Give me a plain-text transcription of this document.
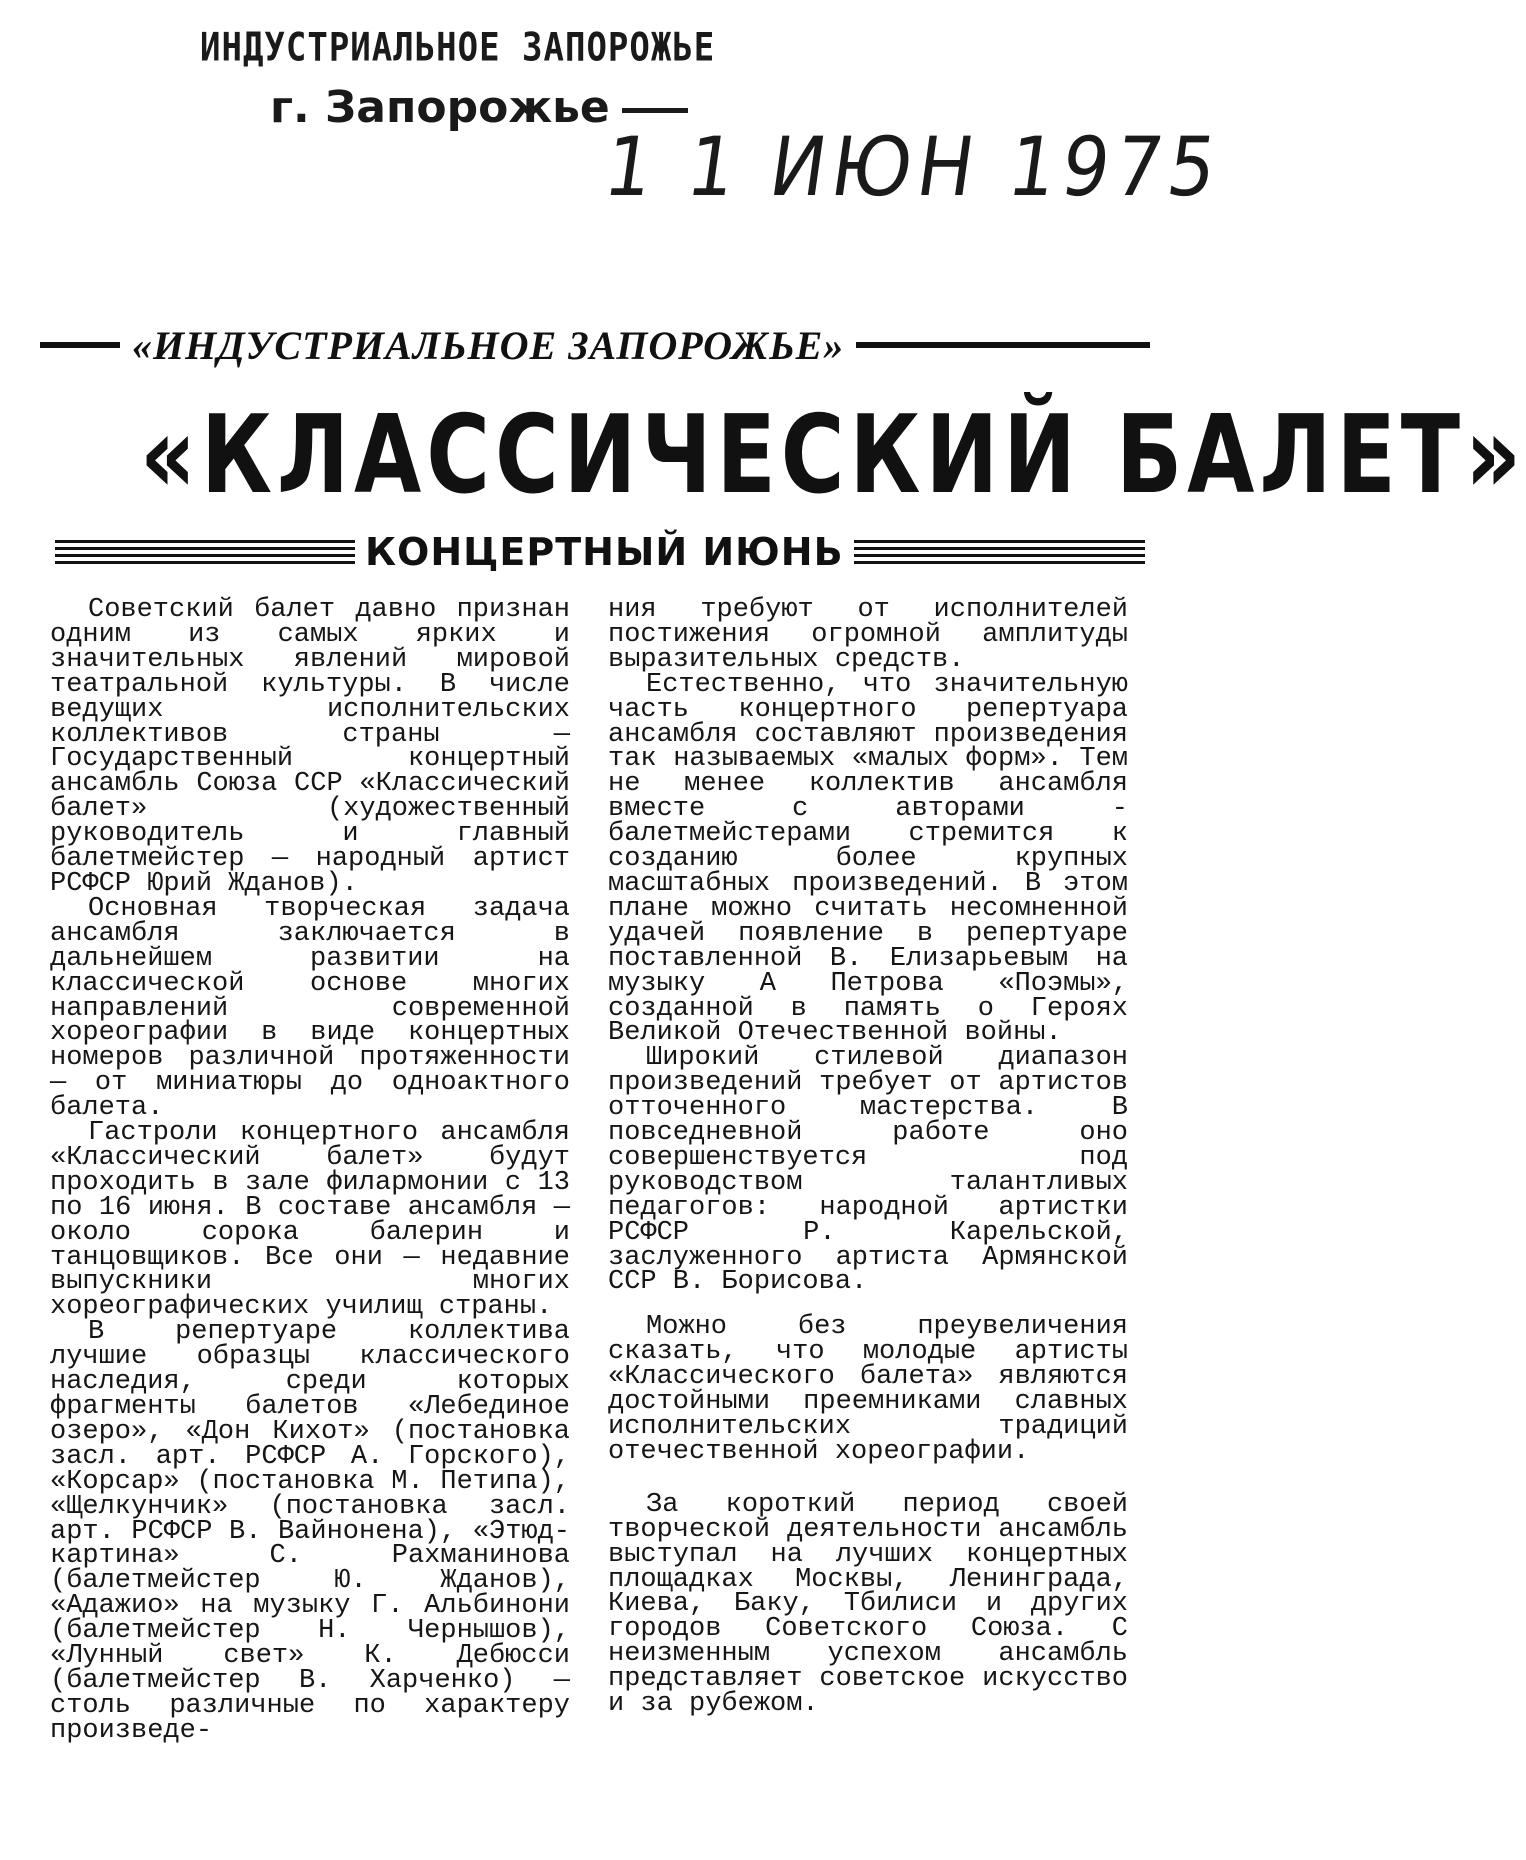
ИНДУСТРИАЛЬНОЕ ЗАПОРОЖЬЕ
г. Запорожье
1 1 ИЮН 1975
«ИНДУСТРИАЛЬНОЕ ЗАПОРОЖЬЕ»
«КЛАССИЧЕСКИЙ БАЛЕТ»
КОНЦЕРТНЫЙ ИЮНЬ

Советский балет давно признан одним из самых ярких и значительных явлений мировой театральной культуры. В числе ведущих исполнительских коллективов страны — Государственный концертный ансамбль Союза ССР «Классический балет» (художественный руководитель и главный балетмейстер — народный артист РСФСР Юрий Жданов).

Основная творческая задача ансамбля заключается в дальнейшем развитии на классической основе многих направлений современной хореографии в виде концертных номеров различной протяженности — от миниатюры до одноактного балета.

Гастроли концертного ансамбля «Классический балет» будут проходить в зале филармонии с 13 по 16 июня. В составе ансамбля — около сорока балерин и танцовщиков. Все они — недавние выпускники многих хореографических училищ страны.

В репертуаре коллектива лучшие образцы классического наследия, среди которых фрагменты балетов «Лебединое озеро», «Дон Кихот» (постановка засл. арт. РСФСР А. Горского), «Корсар» (постановка М. Петипа), «Щелкунчик» (постановка засл. арт. РСФСР В. Вайнонена), «Этюд-картина» С. Рахманинова (балетмейстер Ю. Жданов), «Адажио» на музыку Г. Альбинони (балетмейстер Н. Чернышов), «Лунный свет» К. Дебюсси (балетмейстер В. Харченко) — столь различные по характеру произведе-

ния требуют от исполнителей постижения огромной амплитуды выразительных средств.

Естественно, что значительную часть концертного репертуара ансамбля составляют произведения так называемых «малых форм». Тем не менее коллектив ансамбля вместе с авторами - балетмейстерами стремится к созданию более крупных масштабных произведений. В этом плане можно считать несомненной удачей появление в репертуаре поставленной В. Елизарьевым на музыку А Петрова «Поэмы», созданной в память о Героях Великой Отечественной войны.

Широкий стилевой диапазон произведений требует от артистов отточенного мастерства. В повседневной работе оно совершенствуется под руководством талантливых педагогов: народной артистки РСФСР Р. Карельской, заслуженного артиста Армянской ССР В. Борисова.

Можно без преувеличения сказать, что молодые артисты «Классического балета» являются достойными преемниками славных исполнительских традиций отечественной хореографии.

За короткий период своей творческой деятельности ансамбль выступал на лучших концертных площадках Москвы, Ленинграда, Киева, Баку, Тбилиси и других городов Советского Союза. С неизменным успехом ансамбль представляет советское искусство и за рубежом.
